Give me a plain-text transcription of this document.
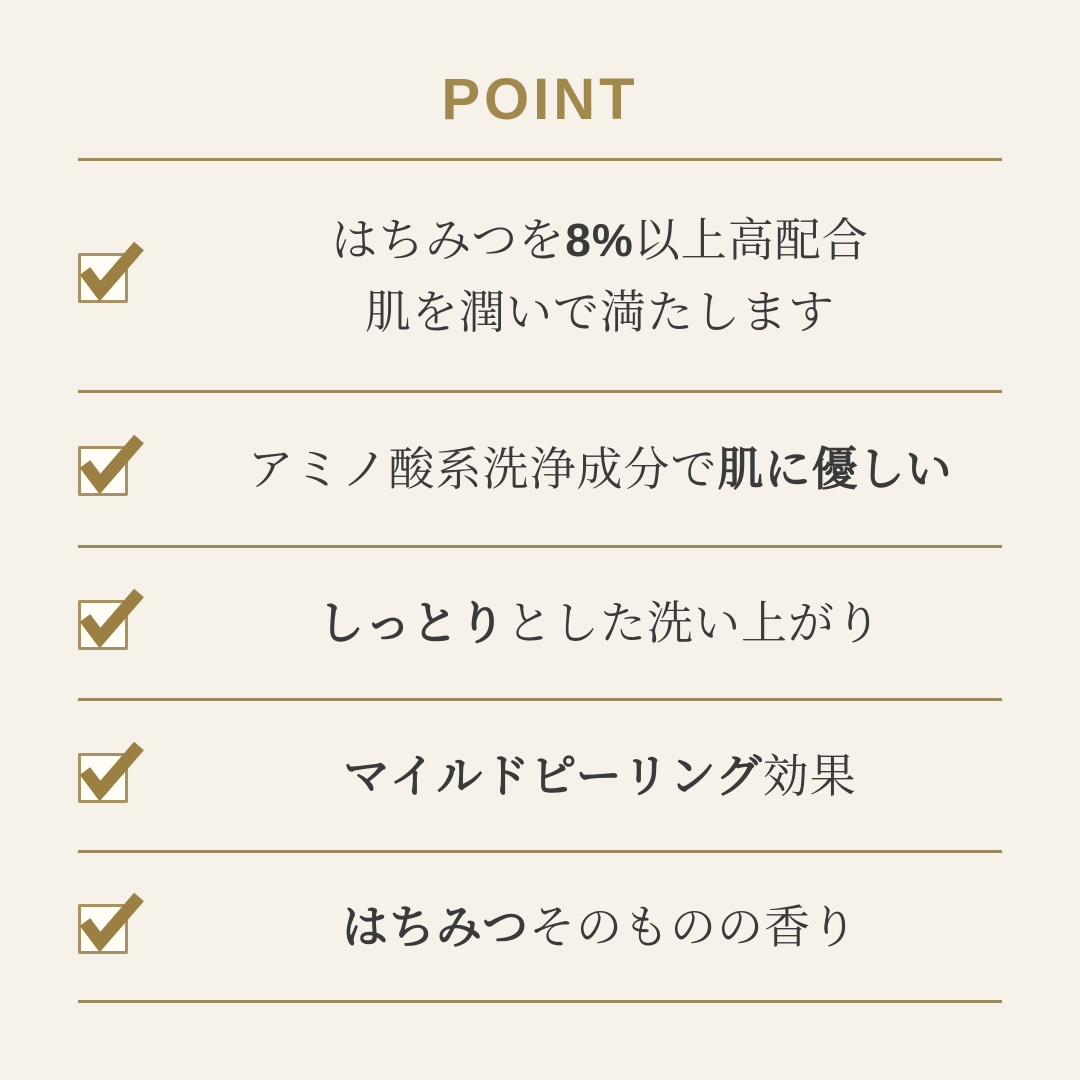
POINT
はちみつを8%以上高配合
肌を潤いで満たします
アミノ酸系洗浄成分で肌に優しい
しっとりとした洗い上がり
マイルドピーリング効果
はちみつそのものの香り
